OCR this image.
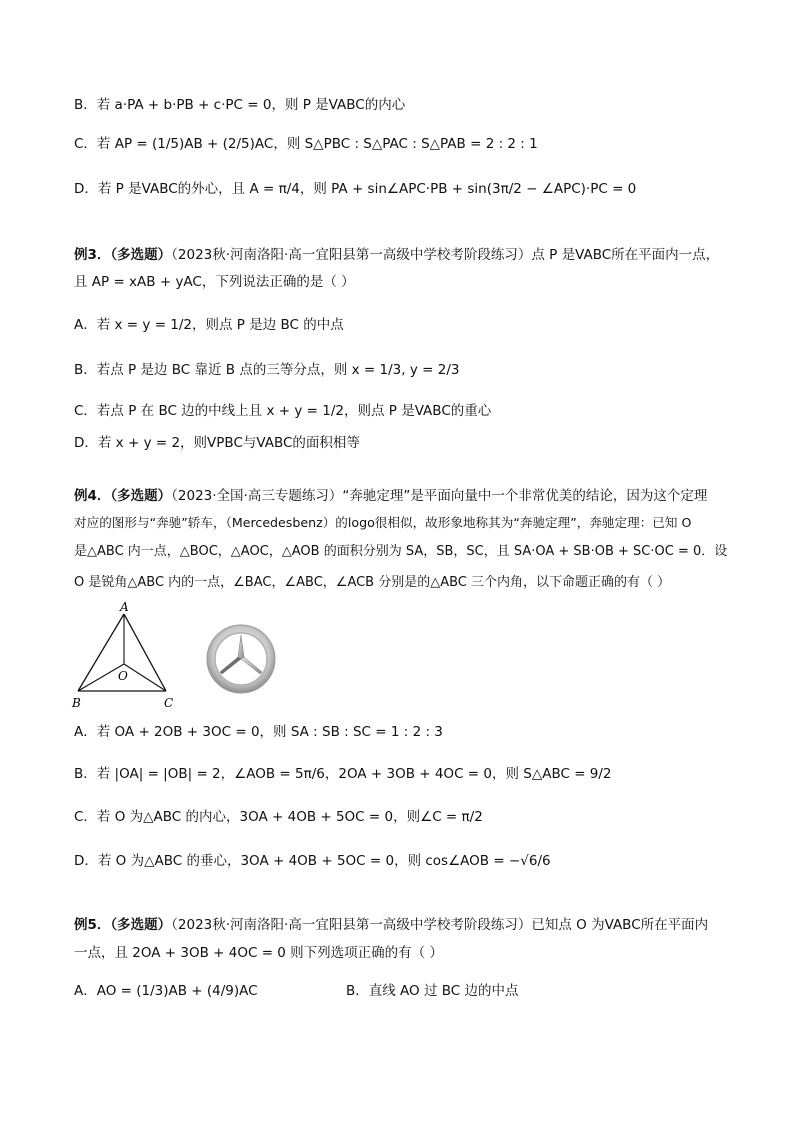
B．若 a·PA + b·PB + c·PC = 0，则 P 是VABC的内心
C．若 AP = (1/5)AB + (2/5)AC，则 S△PBC : S△PAC : S△PAB = 2 : 2 : 1
D．若 P 是VABC的外心，且 A = π/4，则 PA + sin∠APC·PB + sin(3π/2 − ∠APC)·PC = 0
例3．（多选题）（2023秋·河南洛阳·高一宜阳县第一高级中学校考阶段练习）点 P 是VABC所在平面内一点，
且 AP = xAB + yAC，下列说法正确的是（ ）
A．若 x = y = 1/2，则点 P 是边 BC 的中点
B．若点 P 是边 BC 靠近 B 点的三等分点，则 x = 1/3, y = 2/3
C．若点 P 在 BC 边的中线上且 x + y = 1/2，则点 P 是VABC的重心
D．若 x + y = 2，则VPBC与VABC的面积相等
例4．（多选题）（2023·全国·高三专题练习）“奔驰定理”是平面向量中一个非常优美的结论，因为这个定理
对应的图形与“奔驰”轿车，（Mercedesbenz）的logo很相似，故形象地称其为“奔驰定理”，奔驰定理：已知 O
是△ABC 内一点，△BOC，△AOC，△AOB 的面积分别为 SA，SB，SC，且 SA·OA + SB·OB + SC·OC = 0．设
O 是锐角△ABC 内的一点，∠BAC，∠ABC，∠ACB 分别是的△ABC 三个内角，以下命题正确的有（ ）
A
B	C
O
A．若 OA + 2OB + 3OC = 0，则 SA : SB : SC = 1 : 2 : 3
B．若 |OA| = |OB| = 2，∠AOB = 5π/6，2OA + 3OB + 4OC = 0，则 S△ABC = 9/2
C．若 O 为△ABC 的内心，3OA + 4OB + 5OC = 0，则∠C = π/2
D．若 O 为△ABC 的垂心，3OA + 4OB + 5OC = 0，则 cos∠AOB = −√6/6
例5．（多选题）（2023秋·河南洛阳·高一宜阳县第一高级中学校考阶段练习）已知点 O 为VABC所在平面内
一点，且 2OA + 3OB + 4OC = 0 则下列选项正确的有（ ）
A．AO = (1/3)AB + (4/9)AC	B．直线 AO 过 BC 边的中点
